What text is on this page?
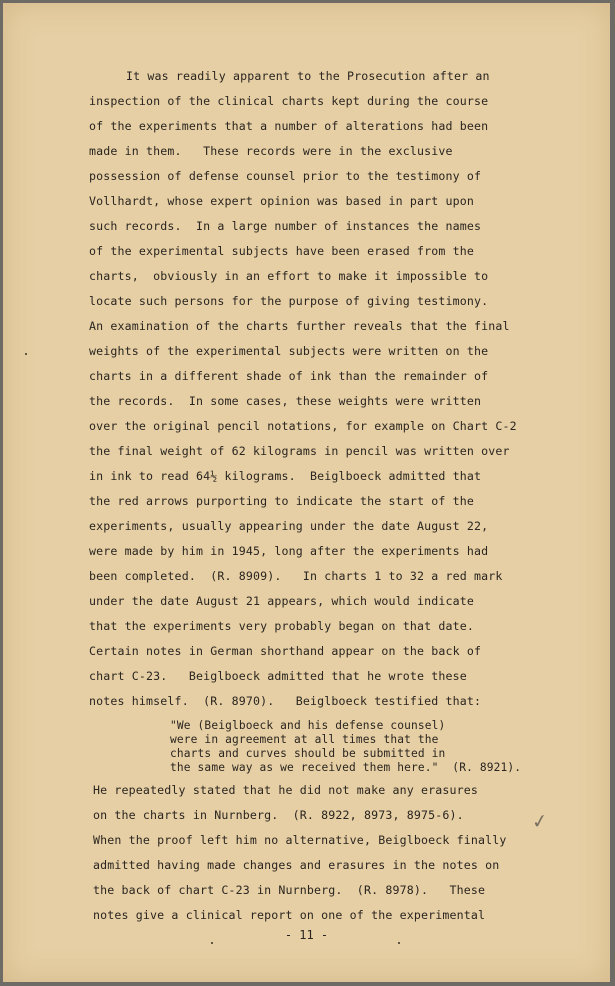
It was readily apparent to the Prosecution after an
inspection of the clinical charts kept during the course
of the experiments that a number of alterations had been
made in them.   These records were in the exclusive
possession of defense counsel prior to the testimony of
Vollhardt, whose expert opinion was based in part upon
such records.  In a large number of instances the names
of the experimental subjects have been erased from the
charts,  obviously in an effort to make it impossible to
locate such persons for the purpose of giving testimony.
An examination of the charts further reveals that the final
weights of the experimental subjects were written on the
charts in a different shade of ink than the remainder of
the records.  In some cases, these weights were written
over the original pencil notations, for example on Chart C-2
the final weight of 62 kilograms in pencil was written over
in ink to read 64½ kilograms.  Beiglboeck admitted that
the red arrows purporting to indicate the start of the
experiments, usually appearing under the date August 22,
were made by him in 1945, long after the experiments had
been completed.  (R. 8909).   In charts 1 to 32 a red mark
under the date August 21 appears, which would indicate
that the experiments very probably began on that date.
Certain notes in German shorthand appear on the back of
chart C-23.   Beiglboeck admitted that he wrote these
notes himself.  (R. 8970).   Beiglboeck testified that:
"We (Beiglboeck and his defense counsel)
were in agreement at all times that the
charts and curves should be submitted in
the same way as we received them here."  (R. 8921).
He repeatedly stated that he did not make any erasures
on the charts in Nurnberg.  (R. 8922, 8973, 8975-6).
When the proof left him no alternative, Beiglboeck finally
admitted having made changes and erasures in the notes on
the back of chart C-23 in Nurnberg.  (R. 8978).   These
notes give a clinical report on one of the experimental
- 11 -
✓
